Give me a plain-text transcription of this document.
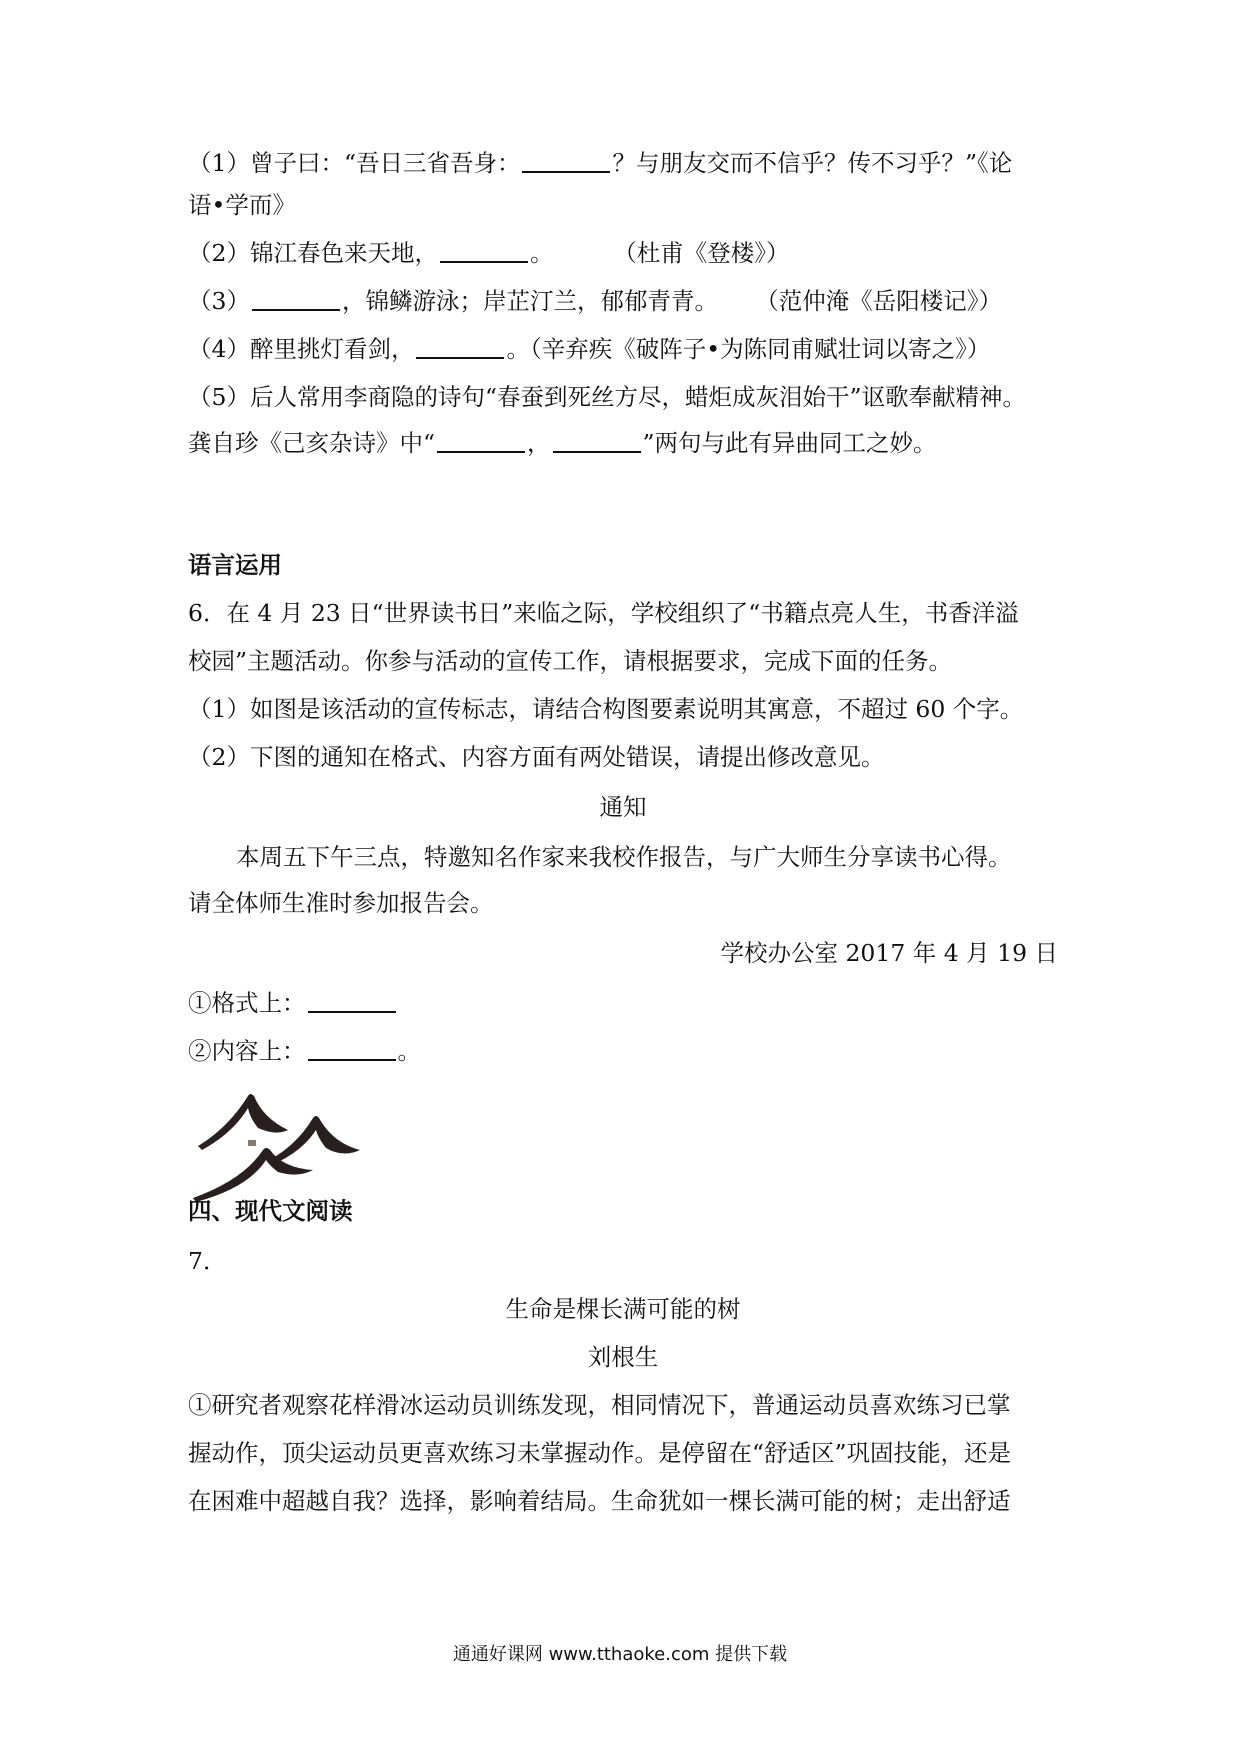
（1）曾子曰：“吾日三省吾身：	？与朋友交而不信乎？传不习乎？”《论
语•学而》
（2）锦江春色来天地，	。        （杜甫《登楼》）
（3）	，锦鳞游泳；岸芷汀兰，郁郁青青。     （范仲淹《岳阳楼记》）
（4）醉里挑灯看剑，	。（辛弃疾《破阵子•为陈同甫赋壮词以寄之》）
（5）后人常用李商隐的诗句“春蚕到死丝方尽，蜡炬成灰泪始干”讴歌奉献精神。
龚自珍《己亥杂诗》中“	，	”两句与此有异曲同工之妙。
语言运用
6．在 4 月 23 日“世界读书日”来临之际，学校组织了“书籍点亮人生，书香洋溢
校园”主题活动。你参与活动的宣传工作，请根据要求，完成下面的任务。
（1）如图是该活动的宣传标志，请结合构图要素说明其寓意，不超过 60 个字。
（2）下图的通知在格式、内容方面有两处错误，请提出修改意见。
通知
本周五下午三点，特邀知名作家来我校作报告，与广大师生分享读书心得。
请全体师生准时参加报告会。
学校办公室 2017 年 4 月 19 日
①格式上：
②内容上：	。
四、现代文阅读
7．
生命是棵长满可能的树
刘根生
①研究者观察花样滑冰运动员训练发现，相同情况下，普通运动员喜欢练习已掌
握动作，顶尖运动员更喜欢练习未掌握动作。是停留在“舒适区”巩固技能，还是
在困难中超越自我？选择，影响着结局。生命犹如一棵长满可能的树；走出舒适
通通好课网 www.tthaoke.com 提供下载
